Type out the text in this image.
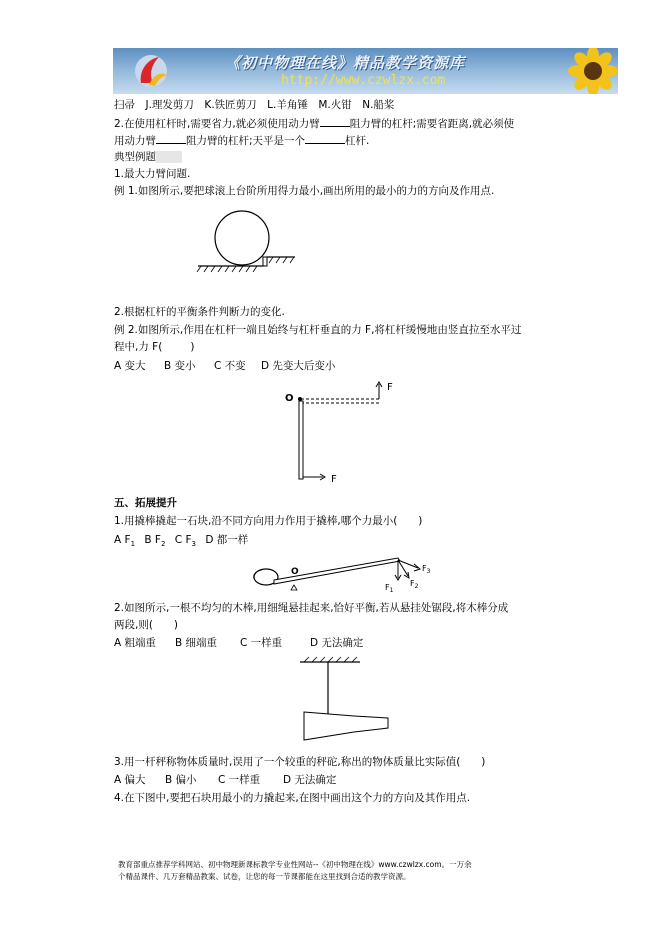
《初中物理在线》精品教学资源库
http://www.czwlzx.com
扫帚　J.理发剪刀　K.铁匠剪刀　L.羊角锤　M.火钳　N.船桨
2.在使用杠杆时,需要省力,就必须使用动力臂	阻力臂的杠杆;需要省距离,就必须使
用动力臂	阻力臂的杠杆;天平是一个	杠杆.
典型例题
1.最大力臂问题.
例 1.如图所示,要把球滚上台阶所用得力最小,画出所用的最小的力的方向及作用点.
2.根据杠杆的平衡条件判断力的变化.
例 2.如图所示,作用在杠杆一端且始终与杠杆垂直的力 F,将杠杆缓慢地由竖直拉至水平过
程中,力 F(	)
A 变大 B 变小 C 不变 D 先变大后变小
O
F
F
五、拓展提升
1.用撬棒撬起一石块,沿不同方向用力作用于撬棒,哪个力最小(　　)
A $F_1$ B $F_2$ C $F_3$ D 都一样
O
$F_1$
$F_2$
$F_3$
2.如图所示,一根不均匀的木棒,用细绳悬挂起来,恰好平衡,若从悬挂处锯段,将木棒分成
两段,则(　　)
A 粗端重 B 细端重 C 一样重	D 无法确定
3.用一杆秤称物体质量时,误用了一个较重的秤砣,称出的物体质量比实际值(　　)
A 偏大 B 偏小 C 一样重 D 无法确定
4.在下图中,要把石块用最小的力撬起来,在图中画出这个力的方向及其作用点.
教育部重点推荐学科网站、初中物理新课标教学专业性网站--《初中物理在线》www.czwlzx.com。一万余
个精品课件、几万套精品教案、试卷，让您的每一节课都能在这里找到合适的教学资源。
